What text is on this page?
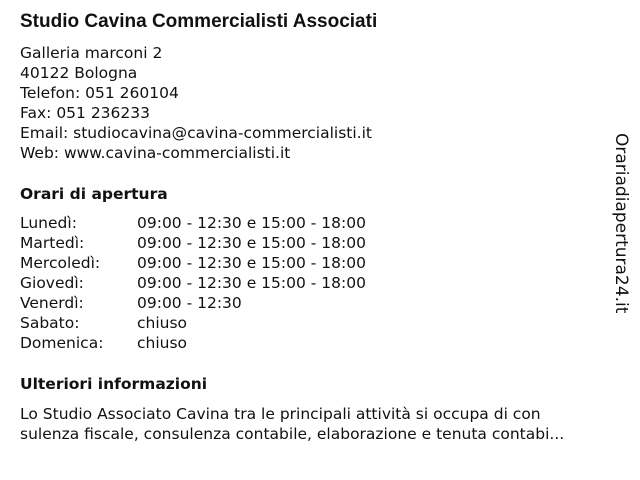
Studio Cavina Commercialisti Associati
Galleria marconi 2
40122 Bologna
Telefon: 051 260104
Fax: 051 236233
Email: studiocavina@cavina-commercialisti.it
Web: www.cavina-commercialisti.it
Orari di apertura
Lunedì:	09:00 - 12:30 e 15:00 - 18:00
Martedì:	09:00 - 12:30 e 15:00 - 18:00
Mercoledì: 09:00 - 12:30 e 15:00 - 18:00
Giovedì:	09:00 - 12:30 e 15:00 - 18:00
Venerdì:	09:00 - 12:30
Sabato:	chiuso
Domenica: chiuso
Ulteriori informazioni
Lo Studio Associato Cavina tra le principali attività si occupa di con
sulenza fiscale, consulenza contabile, elaborazione e tenuta contabi...
Orariadiapertura24.it
